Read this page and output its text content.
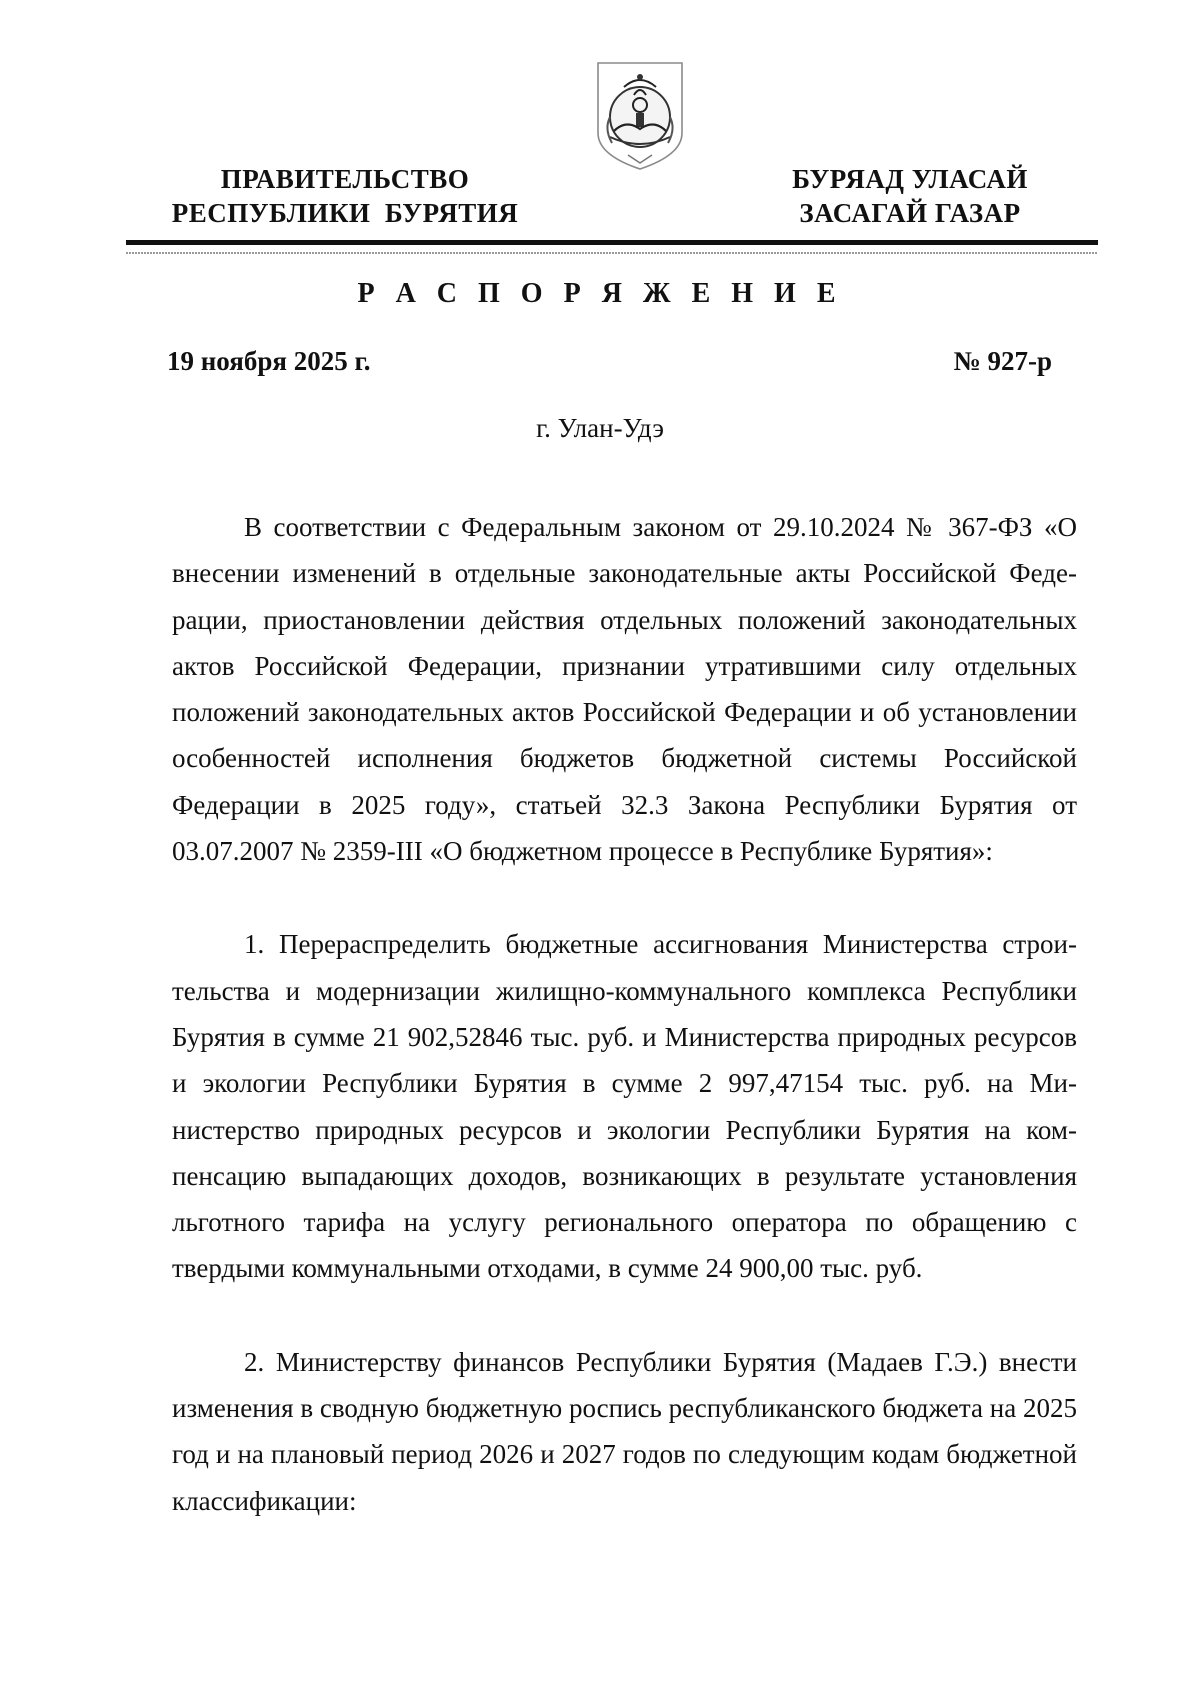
ПРАВИТЕЛЬСТВО
РЕСПУБЛИКИ  БУРЯТИЯ
БУРЯАД УЛАСАЙ
ЗАСАГАЙ ГАЗАР
Р А С П О Р Я Ж Е Н И Е
19 ноября 2025 г.	№ 927-р
г. Улан-Удэ

В соответствии с Федеральным законом от 29.10.2024 № 367-ФЗ «О внесении изменений в отдельные законодательные акты Российской Федерации, приостановлении действия отдельных положений законодательных актов Российской Федерации, признании утратившими силу отдельных положений законодательных актов Российской Федерации и об установлении особенностей исполнения бюджетов бюджетной системы Российской Федерации в 2025 году», статьей 32.3 Закона Республики Бурятия от 03.07.2007 № 2359-III «О бюджетном процессе в Республике Бурятия»:

1. Перераспределить бюджетные ассигнования Министерства строительства и модернизации жилищно-коммунального комплекса Республики Бурятия в сумме 21 902,52846 тыс. руб. и Министерства природных ресурсов и экологии Республики Бурятия в сумме 2 997,47154 тыс. руб. на Министерство природных ресурсов и экологии Республики Бурятия на компенсацию выпадающих доходов, возникающих в результате установления льготного тарифа на услугу регионального оператора по обращению с твердыми коммунальными отходами, в сумме 24 900,00 тыс. руб.

2. Министерству финансов Республики Бурятия (Мадаев Г.Э.) внести изменения в сводную бюджетную роспись республиканского бюджета на 2025 год и на плановый период 2026 и 2027 годов по следующим кодам бюджетной классификации:
